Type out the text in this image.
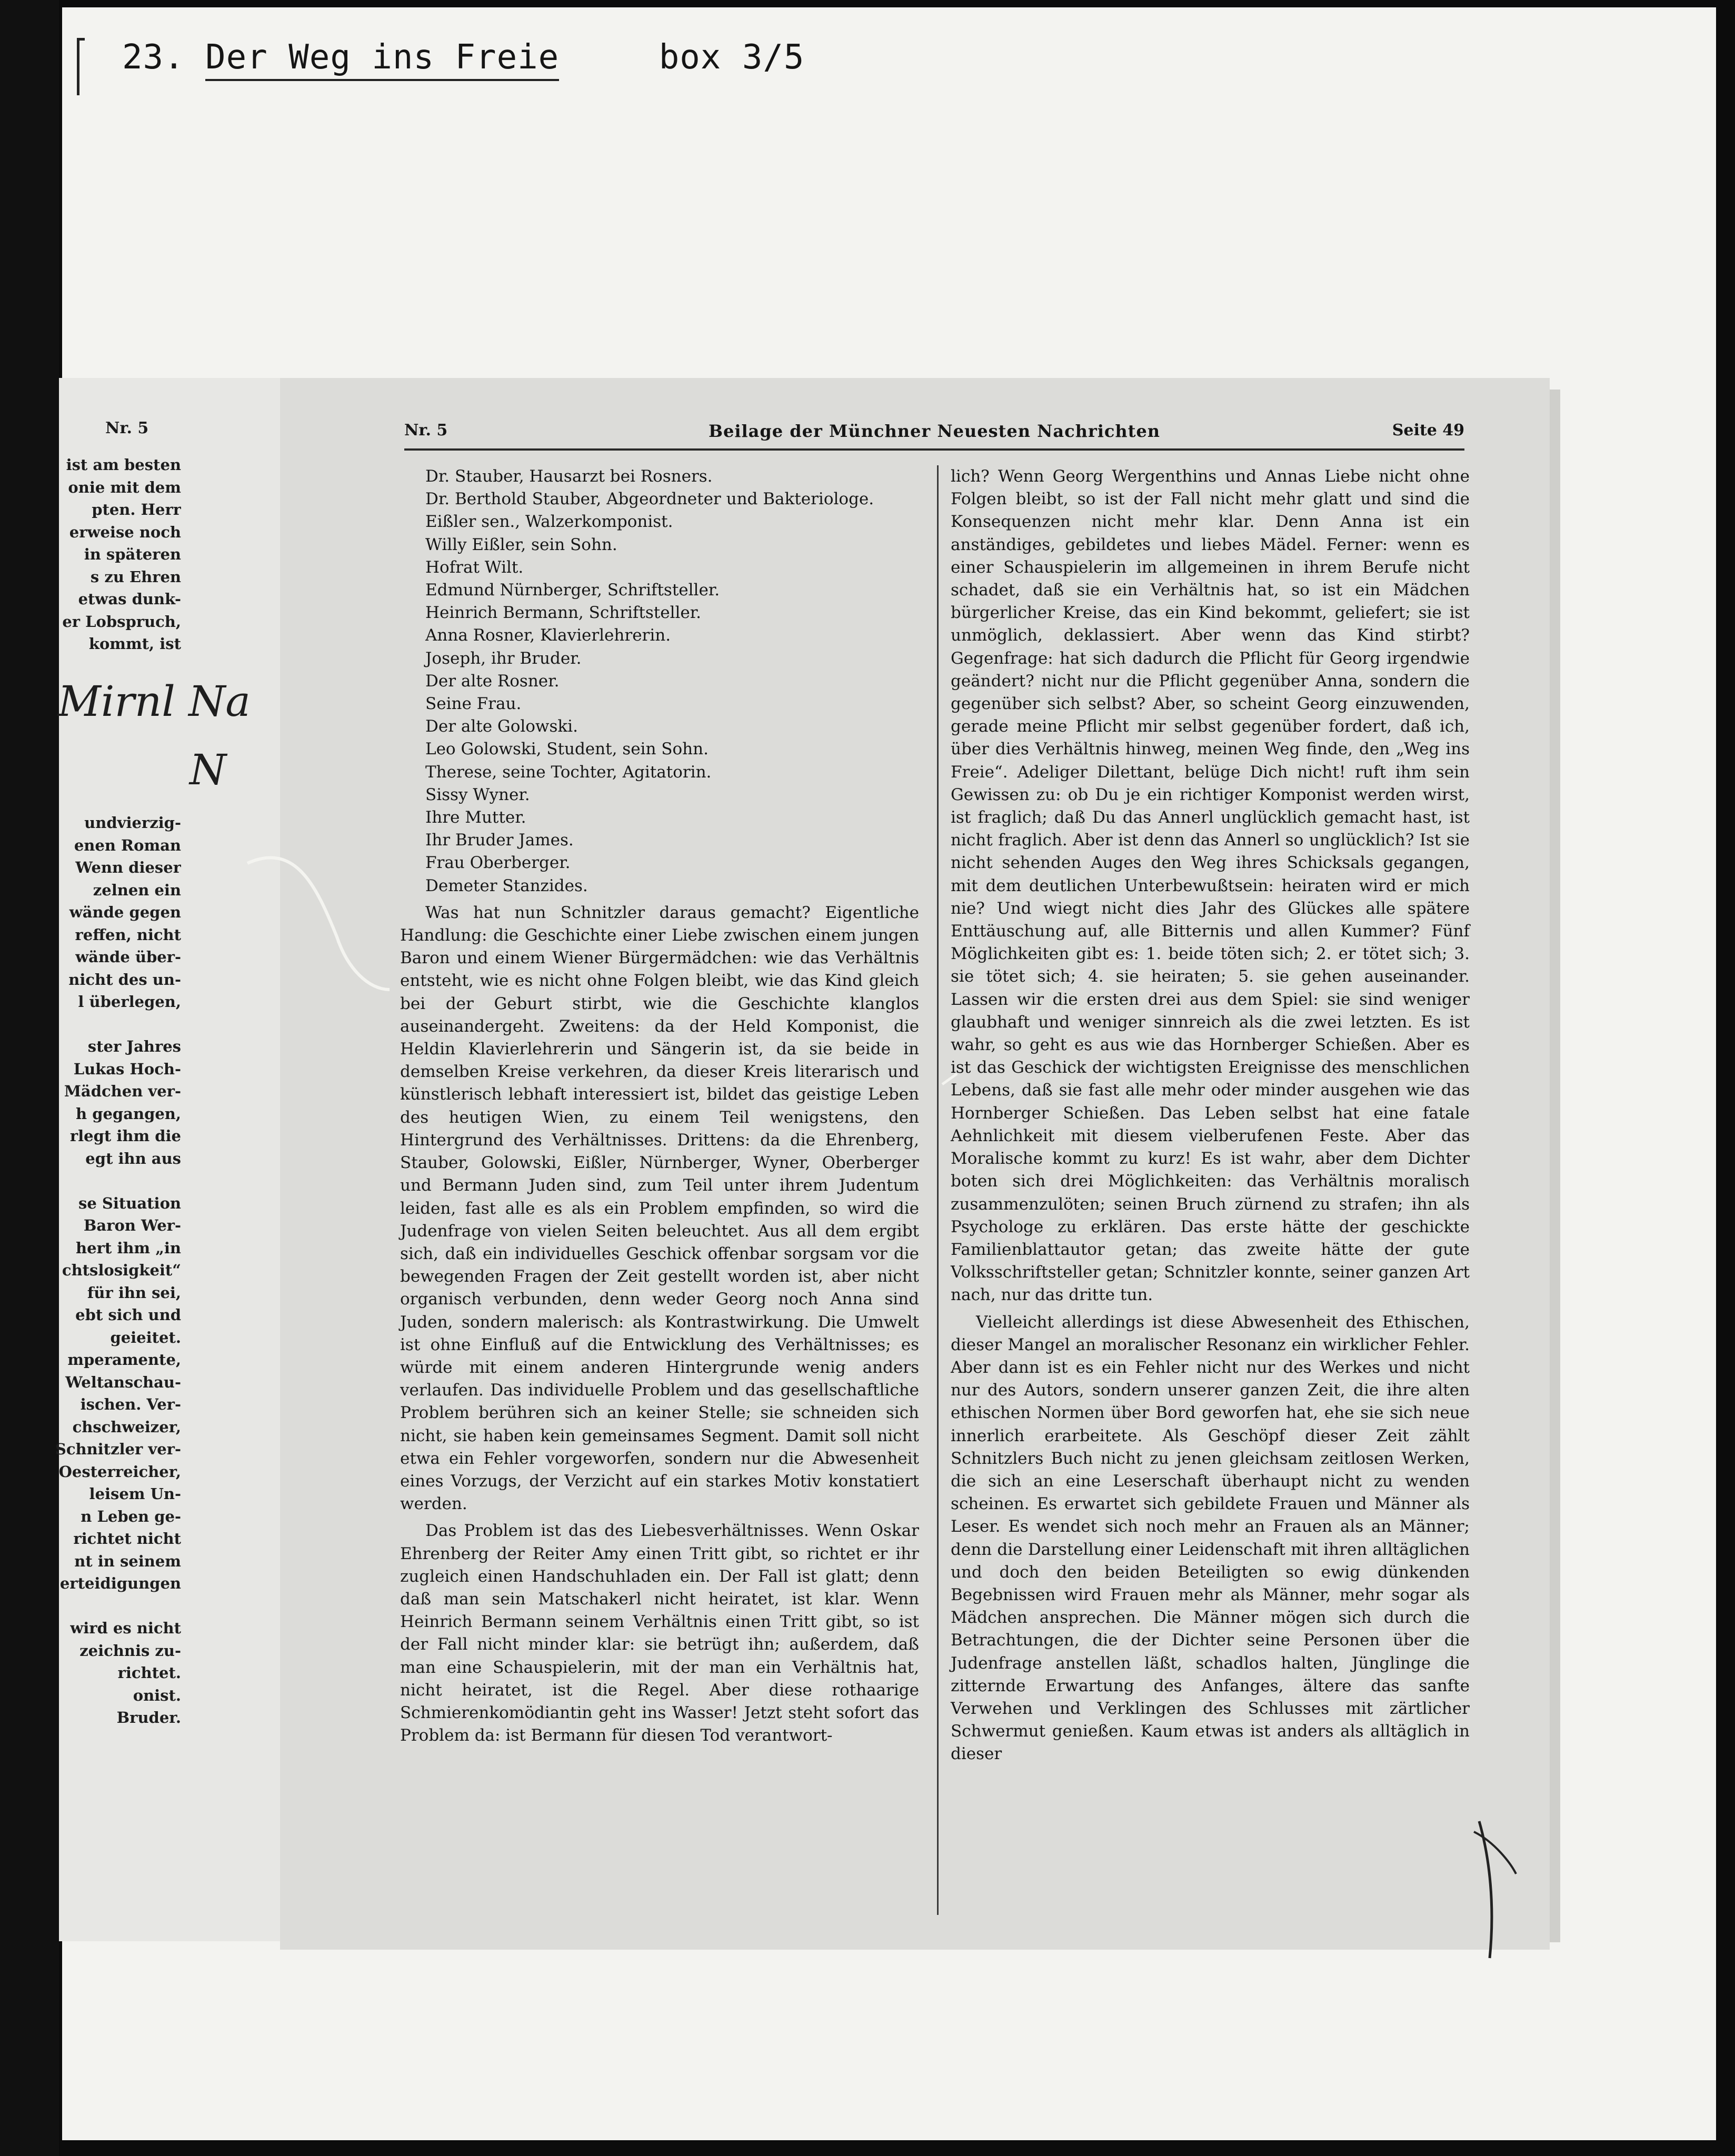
23. Der Weg ins Freie	box 3/5
Nr. 5
ist am besten
onie mit dem
pten. Herr
erweise noch
in späteren
s zu Ehren
etwas dunk-
er Lobspruch,
kommt, ist
undvierzig-
enen Roman
Wenn dieser
zelnen ein
wände gegen
reffen, nicht
wände über-
nicht des un-
l überlegen,
ster Jahres
Lukas Hoch-
Mädchen ver-
h gegangen,
rlegt ihm die
egt ihn aus
se Situation
Baron Wer-
hert ihm „in
chtslosigkeit“
für ihn sei,
ebt sich und
geieitet.
mperamente,
Weltanschau-
ischen. Ver-
chschweizer,
Schnitzler ver-
Oesterreicher,
leisem Un-
n Leben ge-
richtet nicht
nt in seinem
erteidigungen
wird es nicht
zeichnis zu-
richtet.
onist.
Bruder.
Mirnl Na
N
Nr. 5	Beilage der Münchner Neuesten Nachrichten	Seite 49
Dr. Stauber, Hausarzt bei Rosners.
Dr. Berthold Stauber, Abgeordneter und Bakteriologe.
Eißler sen., Walzerkomponist.
Willy Eißler, sein Sohn.
Hofrat Wilt.
Edmund Nürnberger, Schriftsteller.
Heinrich Bermann, Schriftsteller.
Anna Rosner, Klavierlehrerin.
Joseph, ihr Bruder.
Der alte Rosner.
Seine Frau.
Der alte Golowski.
Leo Golowski, Student, sein Sohn.
Therese, seine Tochter, Agitatorin.
Sissy Wyner.
Ihre Mutter.
Ihr Bruder James.
Frau Oberberger.
Demeter Stanzides.

Was hat nun Schnitzler daraus gemacht? Eigentliche Handlung: die Geschichte einer Liebe zwischen einem jungen Baron und einem Wiener Bürgermädchen: wie das Verhältnis entsteht, wie es nicht ohne Folgen bleibt, wie das Kind gleich bei der Geburt stirbt, wie die Geschichte klanglos auseinandergeht. Zweitens: da der Held Komponist, die Heldin Klavierlehrerin und Sängerin ist, da sie beide in demselben Kreise verkehren, da dieser Kreis literarisch und künstlerisch lebhaft interessiert ist, bildet das geistige Leben des heutigen Wien, zu einem Teil wenigstens, den Hintergrund des Verhältnisses. Drittens: da die Ehrenberg, Stauber, Golowski, Eißler, Nürnberger, Wyner, Oberberger und Bermann Juden sind, zum Teil unter ihrem Judentum leiden, fast alle es als ein Problem empfinden, so wird die Judenfrage von vielen Seiten beleuchtet. Aus all dem ergibt sich, daß ein individuelles Geschick offenbar sorgsam vor die bewegenden Fragen der Zeit gestellt worden ist, aber nicht organisch verbunden, denn weder Georg noch Anna sind Juden, sondern malerisch: als Kontrastwirkung. Die Umwelt ist ohne Einfluß auf die Entwicklung des Verhältnisses; es würde mit einem anderen Hintergrunde wenig anders verlaufen. Das individuelle Problem und das gesellschaftliche Problem berühren sich an keiner Stelle; sie schneiden sich nicht, sie haben kein gemeinsames Segment. Damit soll nicht etwa ein Fehler vorgeworfen, sondern nur die Abwesenheit eines Vorzugs, der Verzicht auf ein starkes Motiv konstatiert werden.

Das Problem ist das des Liebesverhältnisses. Wenn Oskar Ehrenberg der Reiter Amy einen Tritt gibt, so richtet er ihr zugleich einen Handschuhladen ein. Der Fall ist glatt; denn daß man sein Matschakerl nicht heiratet, ist klar. Wenn Heinrich Bermann seinem Verhältnis einen Tritt gibt, so ist der Fall nicht minder klar: sie betrügt ihn; außerdem, daß man eine Schauspielerin, mit der man ein Verhältnis hat, nicht heiratet, ist die Regel. Aber diese rothaarige Schmierenkomödiantin geht ins Wasser! Jetzt steht sofort das Problem da: ist Bermann für diesen Tod verantwort-

lich? Wenn Georg Wergenthins und Annas Liebe nicht ohne Folgen bleibt, so ist der Fall nicht mehr glatt und sind die Konsequenzen nicht mehr klar. Denn Anna ist ein anständiges, gebildetes und liebes Mädel. Ferner: wenn es einer Schauspielerin im allgemeinen in ihrem Berufe nicht schadet, daß sie ein Verhältnis hat, so ist ein Mädchen bürgerlicher Kreise, das ein Kind bekommt, geliefert; sie ist unmöglich, deklassiert. Aber wenn das Kind stirbt? Gegenfrage: hat sich dadurch die Pflicht für Georg irgendwie geändert? nicht nur die Pflicht gegenüber Anna, sondern die gegenüber sich selbst? Aber, so scheint Georg einzuwenden, gerade meine Pflicht mir selbst gegenüber fordert, daß ich, über dies Verhältnis hinweg, meinen Weg finde, den „Weg ins Freie“. Adeliger Dilettant, belüge Dich nicht! ruft ihm sein Gewissen zu: ob Du je ein richtiger Komponist werden wirst, ist fraglich; daß Du das Annerl unglücklich gemacht hast, ist nicht fraglich. Aber ist denn das Annerl so unglücklich? Ist sie nicht sehenden Auges den Weg ihres Schicksals gegangen, mit dem deutlichen Unterbewußtsein: heiraten wird er mich nie? Und wiegt nicht dies Jahr des Glückes alle spätere Enttäuschung auf, alle Bitternis und allen Kummer? Fünf Möglichkeiten gibt es: 1. beide töten sich; 2. er tötet sich; 3. sie tötet sich; 4. sie heiraten; 5. sie gehen auseinander. Lassen wir die ersten drei aus dem Spiel: sie sind weniger glaubhaft und weniger sinnreich als die zwei letzten. Es ist wahr, so geht es aus wie das Hornberger Schießen. Aber es ist das Geschick der wichtigsten Ereignisse des menschlichen Lebens, daß sie fast alle mehr oder minder ausgehen wie das Hornberger Schießen. Das Leben selbst hat eine fatale Aehnlichkeit mit diesem vielberufenen Feste. Aber das Moralische kommt zu kurz! Es ist wahr, aber dem Dichter boten sich drei Möglichkeiten: das Verhältnis moralisch zusammenzulöten; seinen Bruch zürnend zu strafen; ihn als Psychologe zu erklären. Das erste hätte der geschickte Familienblattautor getan; das zweite hätte der gute Volksschriftsteller getan; Schnitzler konnte, seiner ganzen Art nach, nur das dritte tun.

Vielleicht allerdings ist diese Abwesenheit des Ethischen, dieser Mangel an moralischer Resonanz ein wirklicher Fehler. Aber dann ist es ein Fehler nicht nur des Werkes und nicht nur des Autors, sondern unserer ganzen Zeit, die ihre alten ethischen Normen über Bord geworfen hat, ehe sie sich neue innerlich erarbeitete. Als Geschöpf dieser Zeit zählt Schnitzlers Buch nicht zu jenen gleichsam zeitlosen Werken, die sich an eine Leserschaft überhaupt nicht zu wenden scheinen. Es erwartet sich gebildete Frauen und Männer als Leser. Es wendet sich noch mehr an Frauen als an Männer; denn die Darstellung einer Leidenschaft mit ihren alltäglichen und doch den beiden Beteiligten so ewig dünkenden Begebnissen wird Frauen mehr als Männer, mehr sogar als Mädchen ansprechen. Die Männer mögen sich durch die Betrachtungen, die der Dichter seine Personen über die Judenfrage anstellen läßt, schadlos halten, Jünglinge die zitternde Erwartung des Anfanges, ältere das sanfte Verwehen und Verklingen des Schlusses mit zärtlicher Schwermut genießen. Kaum etwas ist anders als alltäglich in dieser
